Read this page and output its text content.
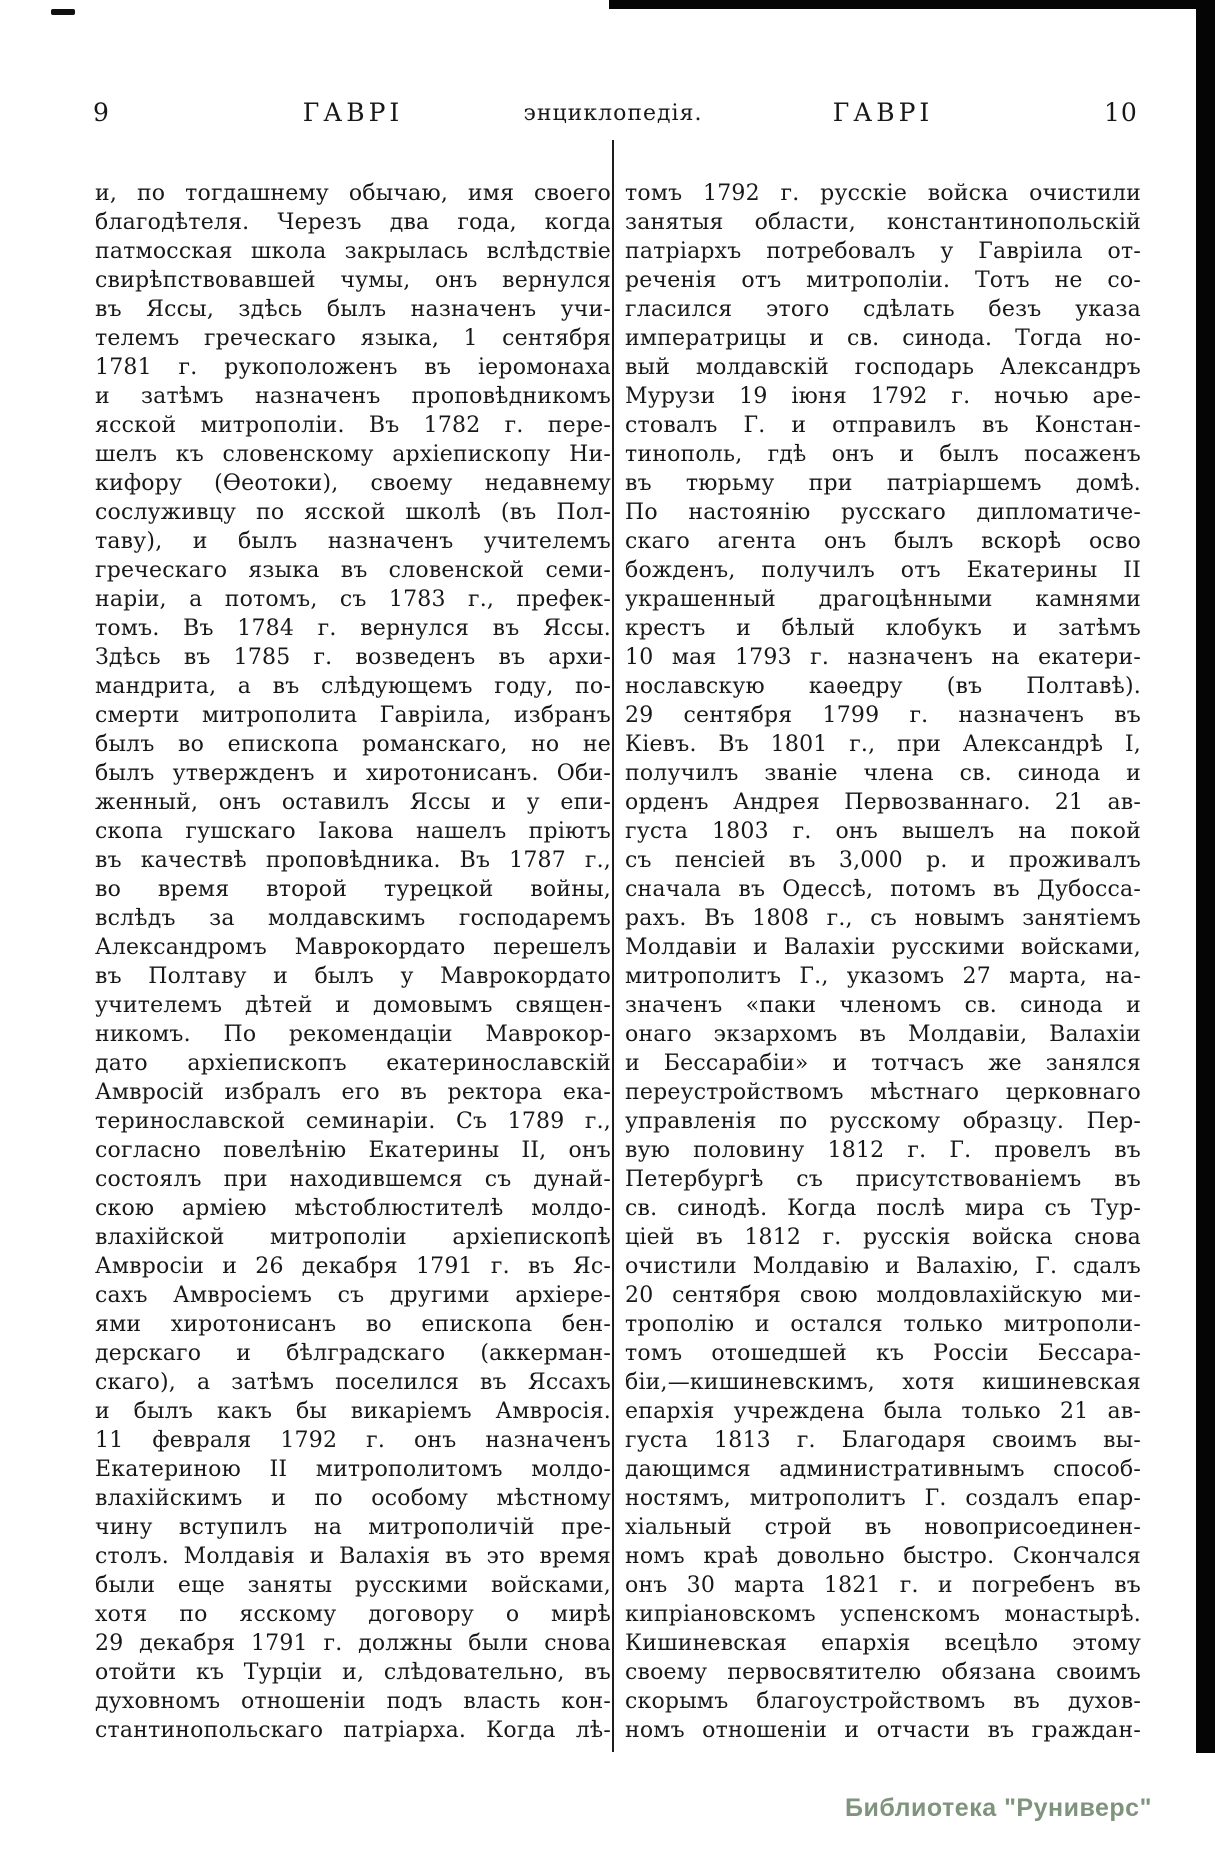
9	ГАВРІ	энциклопедія.	ГАВРІ	10
и, по тогдашнему обычаю, имя своего
благодѣтеля. Черезъ два года, когда
патмосская школа закрылась вслѣдствіе
свирѣпствовавшей чумы, онъ вернулся
въ Яссы, здѣсь былъ назначенъ учи-
телемъ греческаго языка, 1 сентября
1781 г. рукоположенъ въ іеромонаха
и затѣмъ назначенъ проповѣдникомъ
ясской митрополіи. Въ 1782 г. пере-
шелъ къ словенскому архіепископу Ни-
кифору (Ѳеотоки), своему недавнему
сослуживцу по ясской школѣ (въ Пол-
таву), и былъ назначенъ учителемъ
греческаго языка въ словенской семи-
наріи, а потомъ, съ 1783 г., префек-
томъ. Въ 1784 г. вернулся въ Яссы.
Здѣсь въ 1785 г. возведенъ въ архи-
мандрита, а въ слѣдующемъ году, по-
смерти митрополита Гавріила, избранъ
былъ во епископа романскаго, но не
былъ утвержденъ и хиротонисанъ. Оби-
женный, онъ оставилъ Яссы и у епи-
скопа гушскаго Іакова нашелъ пріютъ
въ качествѣ проповѣдника. Въ 1787 г.,
во время второй турецкой войны,
вслѣдъ за молдавскимъ господаремъ
Александромъ Маврокордато перешелъ
въ Полтаву и былъ у Маврокордато
учителемъ дѣтей и домовымъ священ-
никомъ. По рекомендаціи Маврокор-
дато архіепископъ екатеринославскій
Амвросій избралъ его въ ректора ека-
теринославской семинаріи. Съ 1789 г.,
согласно повелѣнію Екатерины II, онъ
состоялъ при находившемся съ дунай-
скою арміею мѣстоблюстителѣ молдо-
влахійской митрополіи архіепископѣ
Амвросіи и 26 декабря 1791 г. въ Яс-
сахъ Амвросіемъ съ другими архіере-
ями хиротонисанъ во епископа бен-
дерскаго и бѣлградскаго (аккерман-
скаго), а затѣмъ поселился въ Яссахъ
и былъ какъ бы викаріемъ Амвросія.
11 февраля 1792 г. онъ назначенъ
Екатериною II митрополитомъ молдо-
влахійскимъ и по особому мѣстному
чину вступилъ на митрополичій пре-
столъ. Молдавія и Валахія въ это время
были еще заняты русскими войсками,
хотя по ясскому договору о мирѣ
29 декабря 1791 г. должны были снова
отойти къ Турціи и, слѣдовательно, въ
духовномъ отношеніи подъ власть кон-
стантинопольскаго патріарха. Когда лѣ-
томъ 1792 г. русскіе войска очистили
занятыя области, константинопольскій
патріархъ потребовалъ у Гавріила от-
реченія отъ митрополіи. Тотъ не со-
гласился этого сдѣлать безъ указа
императрицы и св. синода. Тогда но-
вый молдавскій господарь Александръ
Мурузи 19 іюня 1792 г. ночью аре-
стовалъ Г. и отправилъ въ Констан-
тинополь, гдѣ онъ и былъ посаженъ
въ тюрьму при патріаршемъ домѣ.
По настоянію русскаго дипломатиче-
скаго агента онъ былъ вскорѣ осво
божденъ, получилъ отъ Екатерины II
украшенный драгоцѣнными камнями
крестъ и бѣлый клобукъ и затѣмъ
10 мая 1793 г. назначенъ на екатери-
нославскую каѳедру (въ Полтавѣ).
29 сентября 1799 г. назначенъ въ
Кіевъ. Въ 1801 г., при Александрѣ I,
получилъ званіе члена св. синода и
орденъ Андрея Первозваннаго. 21 ав-
густа 1803 г. онъ вышелъ на покой
съ пенсіей въ 3,000 р. и проживалъ
сначала въ Одессѣ, потомъ въ Дубосса-
рахъ. Въ 1808 г., съ новымъ занятіемъ
Молдавіи и Валахіи русскими войсками,
митрополитъ Г., указомъ 27 марта, на-
значенъ «паки членомъ св. синода и
онаго экзархомъ въ Молдавіи, Валахіи
и Бессарабіи» и тотчасъ же занялся
переустройствомъ мѣстнаго церковнаго
управленія по русскому образцу. Пер-
вую половину 1812 г. Г. провелъ въ
Петербургѣ съ присутствованіемъ въ
св. синодѣ. Когда послѣ мира съ Тур-
ціей въ 1812 г. русскія войска снова
очистили Молдавію и Валахію, Г. сдалъ
20 сентября свою молдовлахійскую ми-
трополію и остался только митрополи-
томъ отошедшей къ Россіи Бессара-
біи,—кишиневскимъ, хотя кишиневская
епархія учреждена была только 21 ав-
густа 1813 г. Благодаря своимъ вы-
дающимся административнымъ способ-
ностямъ, митрополитъ Г. создалъ епар-
хіальный строй въ новоприсоединен-
номъ краѣ довольно быстро. Скончался
онъ 30 марта 1821 г. и погребенъ въ
кипріановскомъ успенскомъ монастырѣ.
Кишиневская епархія всецѣло этому
своему первосвятителю обязана своимъ
скорымъ благоустройствомъ въ духов-
номъ отношеніи и отчасти въ граждан-
Библиотека "Руниверс"
